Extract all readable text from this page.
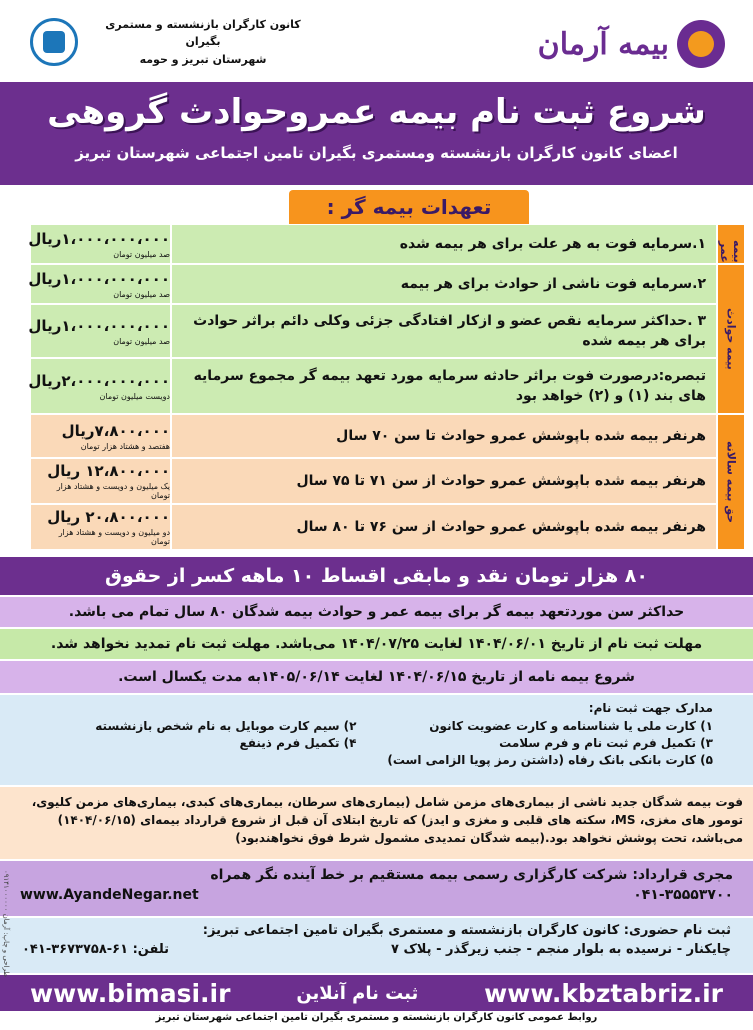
بیمه آرمان
کانون کارگران بازنشسته و مستمری بگیران
شهرستان تبریز و حومه
شروع ثبت نام بیمه عمروحوادث گروهی
اعضای کانون کارگران بازنشسته ومستمری بگیران تامین اجتماعی شهرستان تبریز
تعهدات بیمه گر :
بیمه عمر
بیمه حوادث
حق بیمه سالانه
۱.سرمایه فوت به هر علت برای هر بیمه شده
۱،۰۰۰،۰۰۰،۰۰۰ریال
صد میلیون تومان
۲.سرمایه فوت ناشی از حوادث برای هر بیمه
۱،۰۰۰،۰۰۰،۰۰۰ریال
صد میلیون تومان
۳ .حداکثر سرمایه نقص عضو و ازکار افتادگی جزئی وکلی دائم براثر حوادث برای هر بیمه شده
۱،۰۰۰،۰۰۰،۰۰۰ریال
صد میلیون تومان
تبصره:درصورت فوت براثر حادثه سرمایه مورد تعهد بیمه گر مجموع سرمایه های بند (۱) و (۲) خواهد بود
۲،۰۰۰،۰۰۰،۰۰۰ریال
دویست میلیون تومان
هرنفر بیمه شده باپوشش عمرو حوادث تا سن ۷۰ سال
۷،۸۰۰،۰۰۰ریال
هفتصد و هشتاد هزار تومان
هرنفر بیمه شده باپوشش عمرو حوادث از سن ۷۱ تا ۷۵ سال
۱۲،۸۰۰،۰۰۰ ریال
یک میلیون و دویست و هشتاد هزار تومان
هرنفر بیمه شده باپوشش عمرو حوادث از سن ۷۶ تا ۸۰ سال
۲۰،۸۰۰،۰۰۰ ریال
دو میلیون و دویست و هشتاد هزار تومان
۸۰ هزار تومان نقد و مابقی اقساط ۱۰ ماهه کسر از حقوق
حداکثر سن موردتعهد بیمه گر برای بیمه عمر و حوادث بیمه شدگان ۸۰ سال تمام می باشد.
مهلت ثبت نام از تاریخ ۱۴۰۴/۰۶/۰۱ لغایت ۱۴۰۴/۰۷/۲۵ می‌باشد. مهلت ثبت نام تمدید نخواهد شد.
شروع بیمه نامه از تاریخ ۱۴۰۴/۰۶/۱۵ لغایت ۱۴۰۵/۰۶/۱۴به مدت یکسال است.
مدارک جهت ثبت نام:
۱) کارت ملی یا شناسنامه و کارت عضویت کانون
۲) سیم کارت موبایل به نام شخص بازنشسته
۳) تکمیل فرم ثبت نام و فرم سلامت
۴) تکمیل فرم ذینفع
۵) کارت بانکی بانک رفاه (داشتن رمز پویا الزامی است)
فوت بیمه شدگان جدید ناشی از بیماری‌های مزمن شامل (بیماری‌های سرطان، بیماری‌های کبدی، بیماری‌های مزمن کلیوی، تومور های مغزی، MS، سکته های قلبی و مغزی و ایدز) که تاریخ ابتلای آن قبل از شروع قرارداد بیمه‌ای (۱۴۰۴/۰۶/۱۵) می‌باشد، تحت پوشش نخواهد بود.(بیمه شدگان تمدیدی مشمول شرط فوق نخواهندبود)
مجری قرارداد: شرکت کارگزاری رسمی بیمه مستقیم بر خط آینده نگر همراه
۰۴۱-۳۵۵۵۳۷۰۰
www.AyandeNegar.net
ثبت نام حضوری: کانون کارگران بازنشسته و مستمری بگیران تامین اجتماعی تبریز:
چایکنار - نرسیده به بلوار منجم - جنب زیرگذر - پلاک ۷
تلفن: ۶۱-۳۶۷۳۷۵۸-۰۴۱
www.kbztabriz.ir
ثبت نام آنلاین
www.bimasi.ir
روابط عمومی کانون کارگران بازنشسته و مستمری بگیران تامین اجتماعی شهرستان تبریز
طراحی و چاپ: آرمان ۰۹۱۴۱۰۰۰۰۰۰
